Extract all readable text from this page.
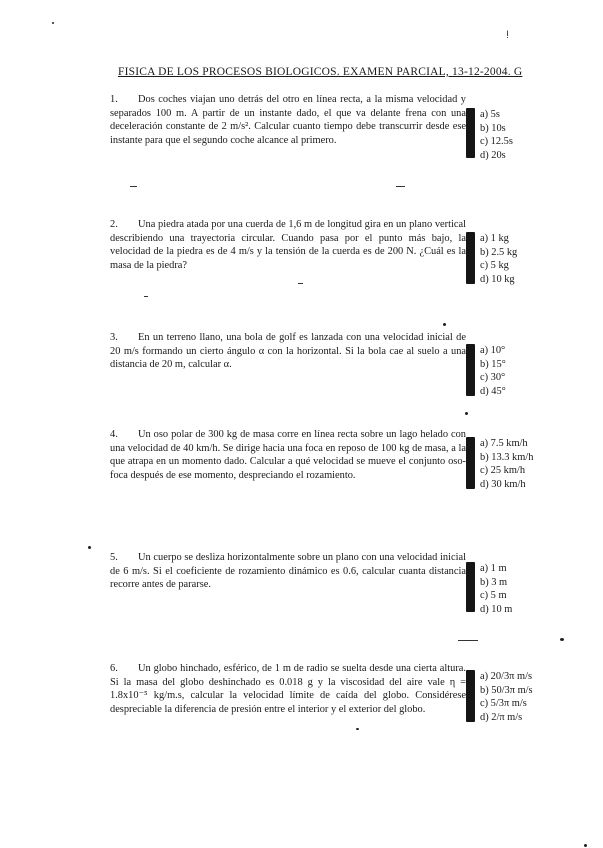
FISICA DE LOS PROCESOS BIOLOGICOS. EXAMEN PARCIAL, 13-12-2004. G
ⵑ
1. Dos coches viajan uno detrás del otro en línea recta, a la misma velocidad y separados 100 m. A partir de un instante dado, el que va delante frena con una deceleración constante de 2 m/s². Calcular cuanto tiempo debe transcurrir desde ese instante para que el segundo coche alcance al primero.
a) 5s
b) 10s
c) 12.5s
d) 20s
2. Una piedra atada por una cuerda de 1,6 m de longitud gira en un plano vertical describiendo una trayectoria circular. Cuando pasa por el punto más bajo, la velocidad de la piedra es de 4 m/s y la tensión de la cuerda es de 200 N. ¿Cuál es la masa de la piedra?
a) 1 kg
b) 2.5 kg
c) 5 kg
d) 10 kg
3. En un terreno llano, una bola de golf es lanzada con una velocidad inicial de 20 m/s formando un cierto ángulo α con la horizontal. Si la bola cae al suelo a una distancia de 20 m, calcular α.
a) 10°
b) 15°
c) 30°
d) 45°
4. Un oso polar de 300 kg de masa corre en línea recta sobre un lago helado con una velocidad de 40 km/h. Se dirige hacia una foca en reposo de 100 kg de masa, a la que atrapa en un momento dado. Calcular a qué velocidad se mueve el conjunto oso-foca después de ese momento, despreciando el rozamiento.
a) 7.5 km/h
b) 13.3 km/h
c) 25 km/h
d) 30 km/h
5. Un cuerpo se desliza horizontalmente sobre un plano con una velocidad inicial de 6 m/s. Si el coeficiente de rozamiento dinámico es 0.6, calcular cuanta distancia recorre antes de pararse.
a) 1 m
b) 3 m
c) 5 m
d) 10 m
6. Un globo hinchado, esférico, de 1 m de radio se suelta desde una cierta altura. Si la masa del globo deshinchado es 0.018 g y la viscosidad del aire vale η = 1.8x10⁻⁵ kg/m.s, calcular la velocidad límite de caída del globo. Considérese despreciable la diferencia de presión entre el interior y el exterior del globo.
a) 20/3π m/s
b) 50/3π m/s
c) 5/3π m/s
d) 2/π m/s
